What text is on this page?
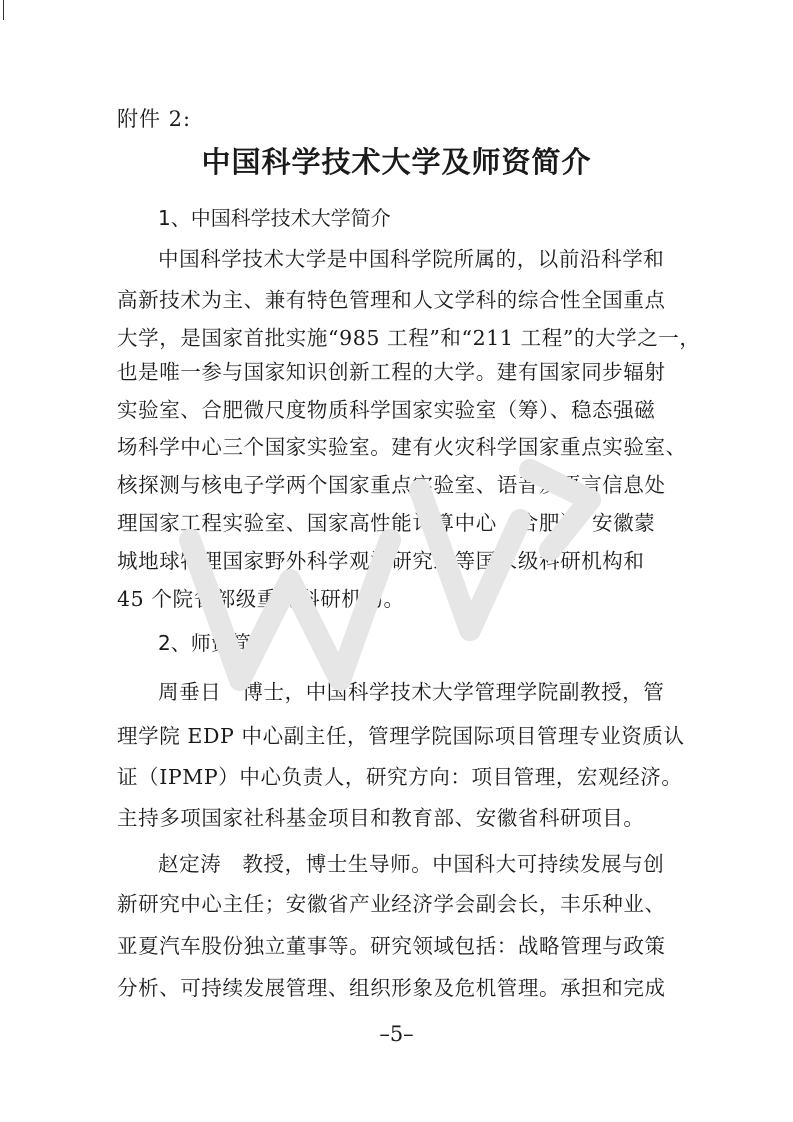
附件 2:
中国科学技术大学及师资简介
1、中国科学技术大学简介
中国科学技术大学是中国科学院所属的，以前沿科学和
高新技术为主、兼有特色管理和人文学科的综合性全国重点
大学，是国家首批实施“985 工程”和“211 工程”的大学之一，
也是唯一参与国家知识创新工程的大学。建有国家同步辐射
实验室、合肥微尺度物质科学国家实验室（筹）、稳态强磁
场科学中心三个国家实验室。建有火灾科学国家重点实验室、
核探测与核电子学两个国家重点实验室、语音及语言信息处
理国家工程实验室、国家高性能计算中心（合肥）、安徽蒙
城地球物理国家野外科学观测研究站等国家级科研机构和
45 个院省部级重点科研机构。
2、师资简介
周垂日　博士，中国科学技术大学管理学院副教授，管
理学院 EDP 中心副主任，管理学院国际项目管理专业资质认
证（IPMP）中心负责人，研究方向：项目管理，宏观经济。
主持多项国家社科基金项目和教育部、安徽省科研项目。
赵定涛　教授，博士生导师。中国科大可持续发展与创
新研究中心主任；安徽省产业经济学会副会长，丰乐种业、
亚夏汽车股份独立董事等。研究领域包括：战略管理与政策
分析、可持续发展管理、组织形象及危机管理。承担和完成
–5–
